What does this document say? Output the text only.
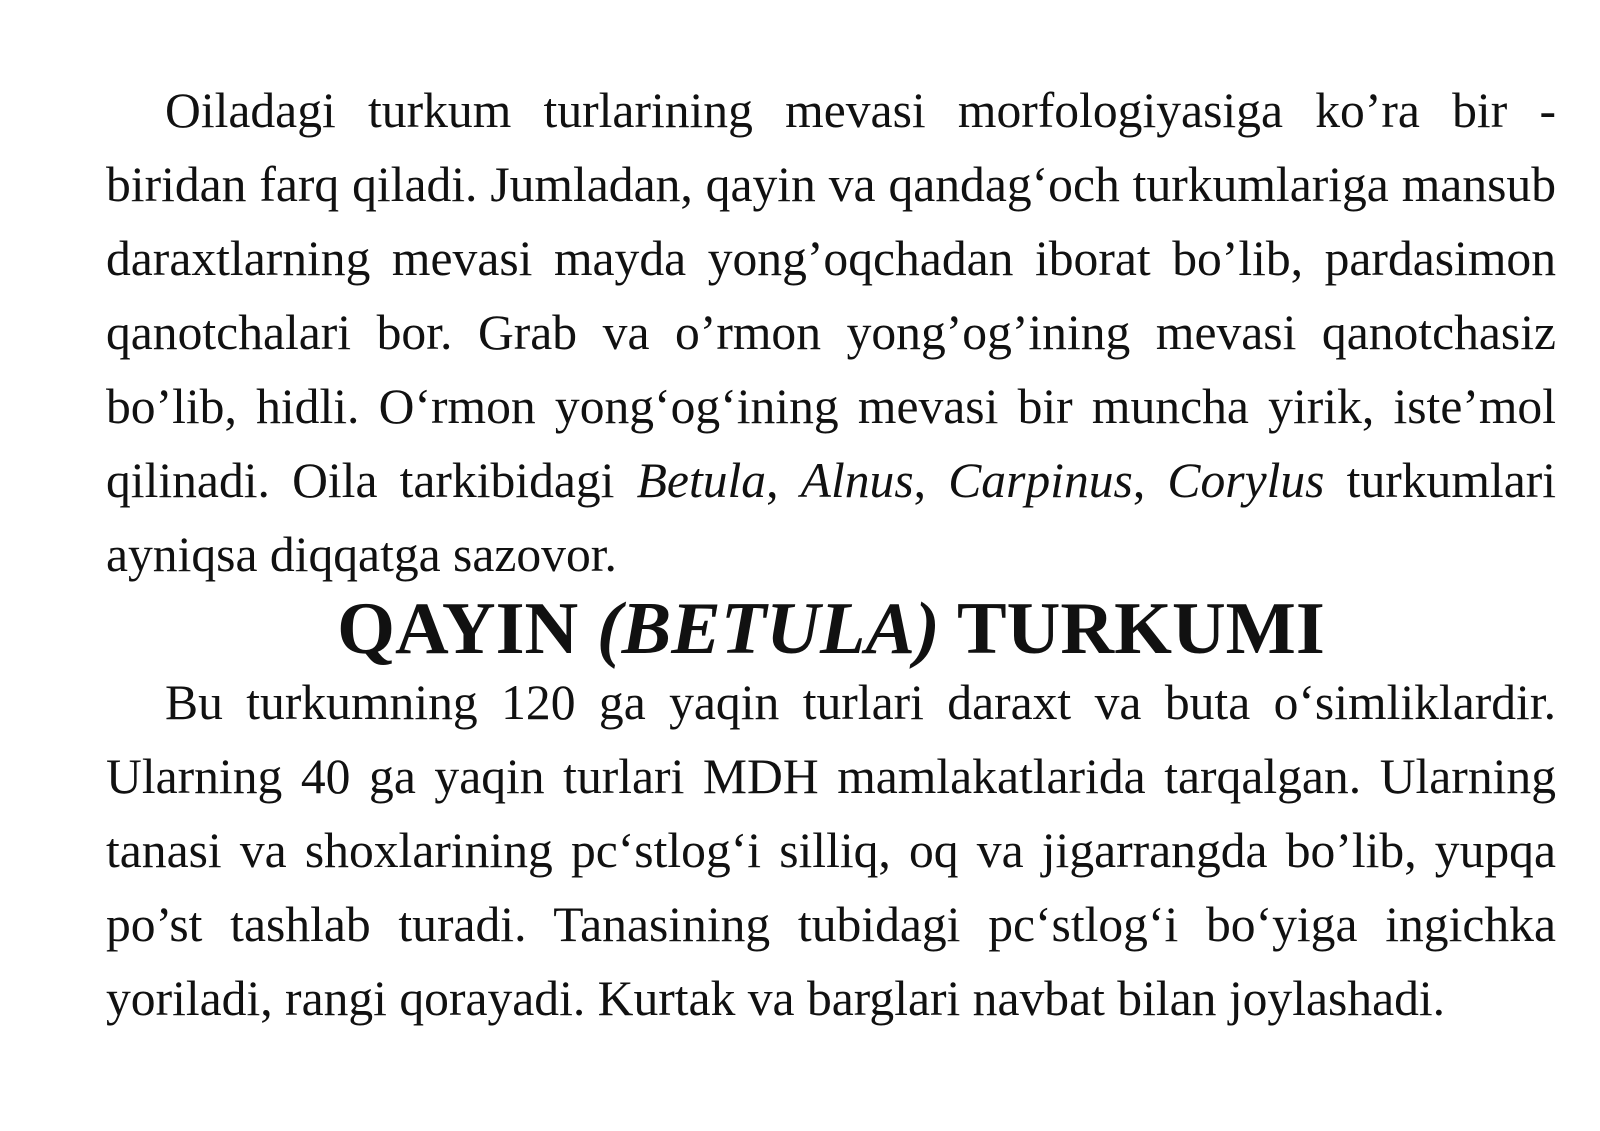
Oiladagi turkum turlarining mevasi morfologiyasiga ko’ra bir - biridan farq qiladi. Jumladan, qayin va qandag‘och turkumlariga mansub daraxtlarning mevasi mayda yong’oqchadan iborat bo’lib, pardasimon qanotchalari bor. Grab va o’rmon yong’og’ining mevasi qanotchasiz bo’lib, hidli. O‘rmon yong‘og‘ining mevasi bir muncha yirik, iste’mol qilinadi. Oila tarkibidagi Betula, Alnus, Carpinus, Corylus turkumlari ayniqsa diqqatga sazovor.

QAYIN (BETULA) TURKUMI

Bu turkumning 120 ga yaqin turlari daraxt va buta o‘simliklardir. Ularning 40 ga yaqin turlari MDH mamlakatlarida tarqalgan. Ularning tanasi va shoxlarining pc‘stlog‘i silliq, oq va jigarrangda bo’lib, yupqa po’st tashlab turadi. Tanasining tubidagi pc‘stlog‘i bo‘yiga ingichka yoriladi, rangi qorayadi. Kurtak va barglari navbat bilan joylashadi.
